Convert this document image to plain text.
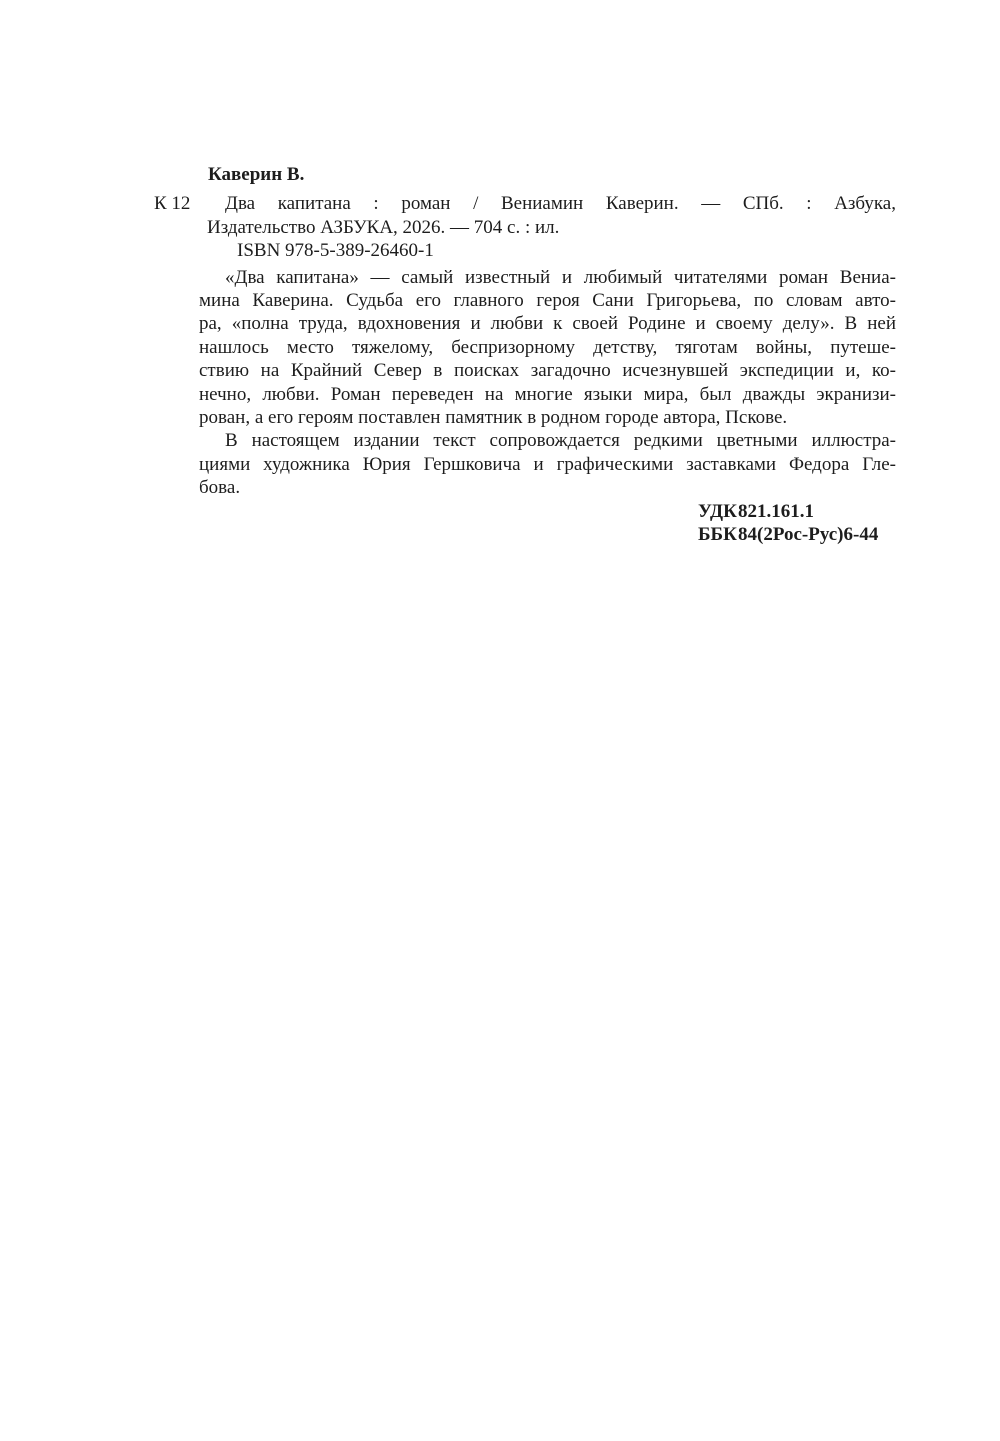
Каверин В.
К 12	Два капитана : роман / Вениамин Каверин. — СПб. : Азбука,
Издательство АЗБУКА, 2026. — 704 с. : ил.
ISBN 978-5-389-26460-1
«Два капитана» — самый известный и любимый читателями роман Вениа-
мина Каверина. Судьба его главного героя Сани Григорьева, по словам авто-
ра, «полна труда, вдохновения и любви к своей Родине и своему делу». В ней
нашлось место тяжелому, беспризорному детству, тяготам войны, путеше-
ствию на Крайний Север в поисках загадочно исчезнувшей экспедиции и, ко-
нечно, любви. Роман переведен на многие языки мира, был дважды экранизи-
рован, а его героям поставлен памятник в родном городе автора, Пскове.
В настоящем издании текст сопровождается редкими цветными иллюстра-
циями художника Юрия Гершковича и графическими заставками Федора Гле-
бова.
УДК821.161.1
ББК84(2Рос-Рус)6-44
